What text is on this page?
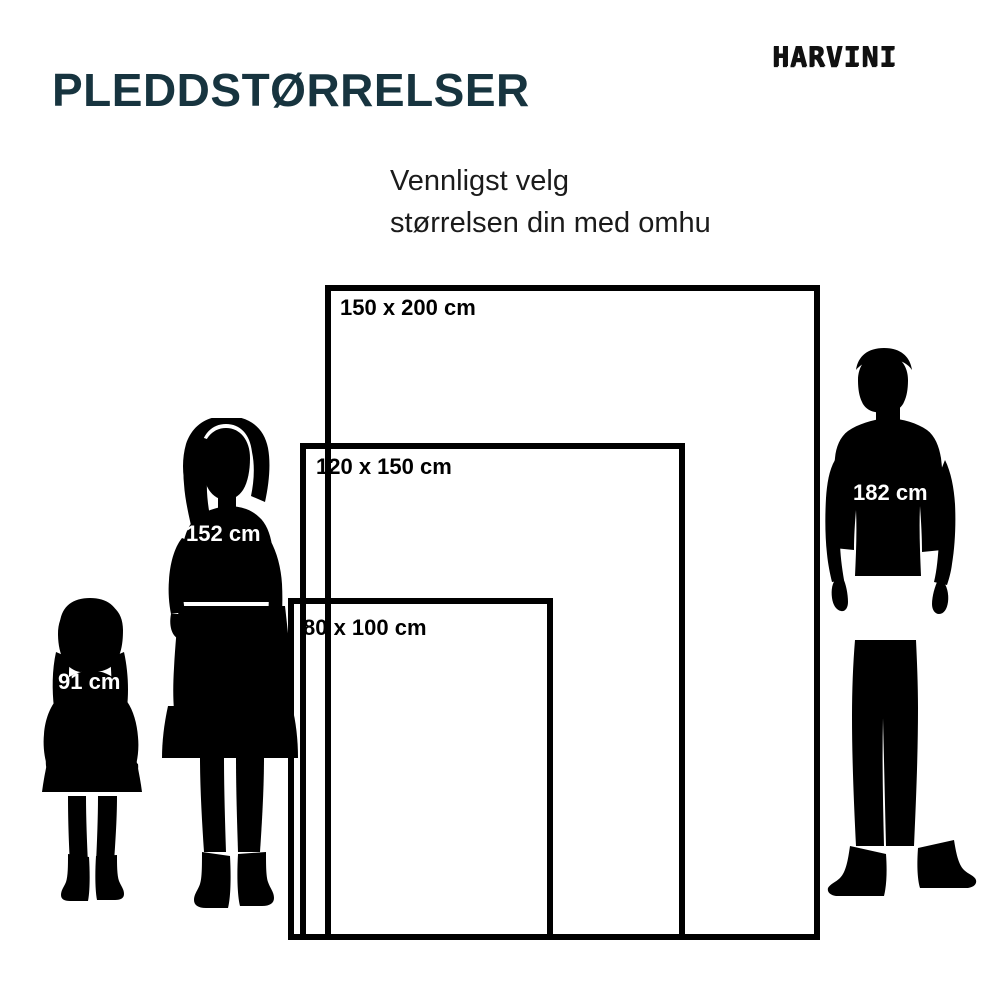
HARVINI
PLEDDSTØRRELSER
Vennligst velg
størrelsen din med omhu
182 cm
152 cm
91 cm
150 x 200 cm
120 x 150 cm
80 x 100 cm
